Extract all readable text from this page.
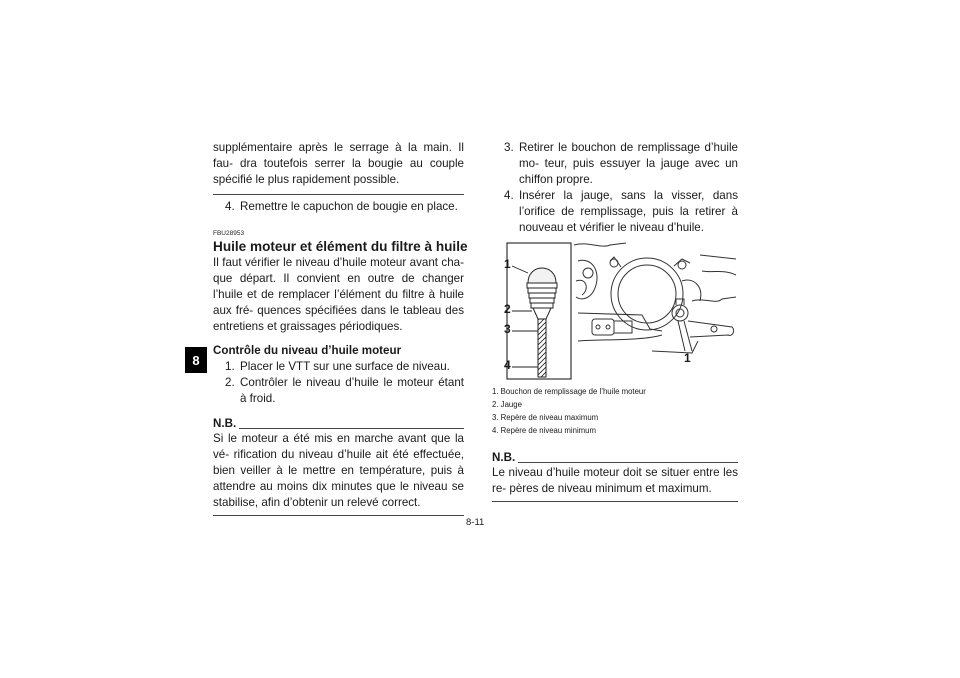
8

supplémentaire après le serrage à la main. Il fau- dra toutefois serrer la bougie au couple spécifié le plus rapidement possible.

4. Remettre le capuchon de bougie en place.
FBU28953
Huile moteur et élément du filtre à huile

Il faut vérifier le niveau d’huile moteur avant cha- que départ. Il convient en outre de changer l’huile et de remplacer l’élément du filtre à huile aux fré- quences spécifiées dans le tableau des entretiens et graissages périodiques.

Contrôle du niveau d’huile moteur
1. Placer le VTT sur une surface de niveau.
2. Contrôler le niveau d’huile le moteur étant à froid.
N.B.

Si le moteur a été mis en marche avant que la vé- rification du niveau d’huile ait été effectuée, bien veiller à le mettre en température, puis à attendre au moins dix minutes que le niveau se stabilise, afin d’obtenir un relevé correct.

3. Retirer le bouchon de remplissage d’huile mo- teur, puis essuyer la jauge avec un chiffon propre.
4. Insérer la jauge, sans la visser, dans l’orifice de remplissage, puis la retirer à nouveau et vérifier le niveau d’huile.
1
2
3
4	1
1. Bouchon de remplissage de l’huile moteur
2. Jauge
3. Repère de niveau maximum
4. Repère de niveau minimum
N.B.

Le niveau d’huile moteur doit se situer entre les re- pères de niveau minimum et maximum.

8-11
